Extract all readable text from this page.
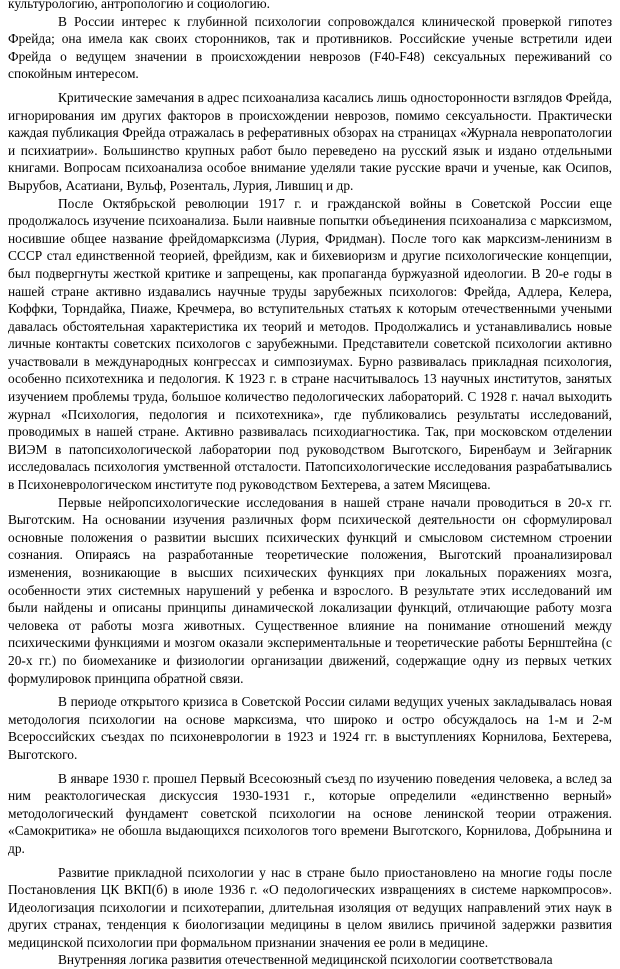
культурологию, антропологию и социологию.

В России интерес к глубинной психологии сопровождался клинической проверкой гипотез Фрейда; она имела как своих сторонников, так и противников. Российские ученые встретили идеи Фрейда о ведущем значении в происхождении неврозов (F40-F48) сексуальных переживаний со спокойным интересом.

Критические замечания в адрес психоанализа касались лишь односторонности взглядов Фрейда, игнорирования им других факторов в происхождении неврозов, помимо сексуальности. Практически каждая публикация Фрейда отражалась в реферативных обзорах на страницах «Журнала невропатологии и психиатрии». Большинство крупных работ было переведено на русский язык и издано отдельными книгами. Вопросам психоанализа особое внимание уделяли такие русские врачи и ученые, как Осипов, Вырубов, Асатиани, Вульф, Розенталь, Лурия, Лившиц и др.

После Октябрьской революции 1917 г. и гражданской войны в Советской России еще продолжалось изучение психоанализа. Были наивные попытки объединения психоанализа с марксизмом, носившие общее название фрейдомарксизма (Лурия, Фридман). После того как марксизм-ленинизм в СССР стал единственной теорией, фрейдизм, как и бихевиоризм и другие психологические концепции, был подвергнуты жесткой критике и запрещены, как пропаганда буржуазной идеологии. В 20-е годы в нашей стране активно издавались научные труды зарубежных психологов: Фрейда, Адлера, Келера, Коффки, Торндайка, Пиаже, Кречмера, во вступительных статьях к которым отечественными учеными давалась обстоятельная характеристика их теорий и методов. Продолжались и устанавливались новые личные контакты советских психологов с зарубежными. Представители советской психологии активно участвовали в международных конгрессах и симпозиумах. Бурно развивалась прикладная психология, особенно психотехника и педология. К 1923 г. в стране насчитывалось 13 научных институтов, занятых изучением проблемы труда, большое количество педологических лабораторий. С 1928 г. начал выходить журнал «Психология, педология и психотехника», где публиковались результаты исследований, проводимых в нашей стране. Активно развивалась психодиагностика. Так, при московском отделении ВИЭМ в патопсихологической лаборатории под руководством Выготского, Биренбаум и Зейгарник исследовалась психология умственной отсталости. Патопсихологические исследования разрабатывались в Психоневрологическом институте под руководством Бехтерева, а затем Мясищева.

Первые нейропсихологические исследования в нашей стране начали проводиться в 20-х гг. Выготским. На основании изучения различных форм психической деятельности он сформулировал основные положения о развитии высших психических функций и смысловом системном строении сознания. Опираясь на разработанные теоретические положения, Выготский проанализировал изменения, возникающие в высших психических функциях при локальных поражениях мозга, особенности этих системных нарушений у ребенка и взрослого. В результате этих исследований им были найдены и описаны принципы динамической локализации функций, отличающие работу мозга человека от работы мозга животных. Существенное влияние на понимание отношений между психическими функциями и мозгом оказали экспериментальные и теоретические работы Бернштейна (с 20-х гг.) по биомеханике и физиологии организации движений, содержащие одну из первых четких формулировок принципа обратной связи.

В периоде открытого кризиса в Советской России силами ведущих ученых закладывалась новая методология психологии на основе марксизма, что широко и остро обсуждалось на 1-м и 2-м Всероссийских съездах по психоневрологии в 1923 и 1924 гг. в выступлениях Корнилова, Бехтерева, Выготского.

В январе 1930 г. прошел Первый Всесоюзный съезд по изучению поведения человека, а вслед за ним реактологическая дискуссия 1930-1931 г., которые определили «единственно верный» методологический фундамент советской психологии на основе ленинской теории отражения. «Самокритика» не обошла выдающихся психологов того времени Выготского, Корнилова, Добрынина и др.

Развитие прикладной психологии у нас в стране было приостановлено на многие годы после Постановления ЦК ВКП(б) в июле 1936 г. «О педологических извращениях в системе наркомпросов». Идеологизация психологии и психотерапии, длительная изоляция от ведущих направлений этих наук в других странах, тенденция к биологизации медицины в целом явились причиной задержки развития медицинской психологии при формальном признании значения ее роли в медицине.

Внутренняя логика развития отечественной медицинской психологии соответствовала
